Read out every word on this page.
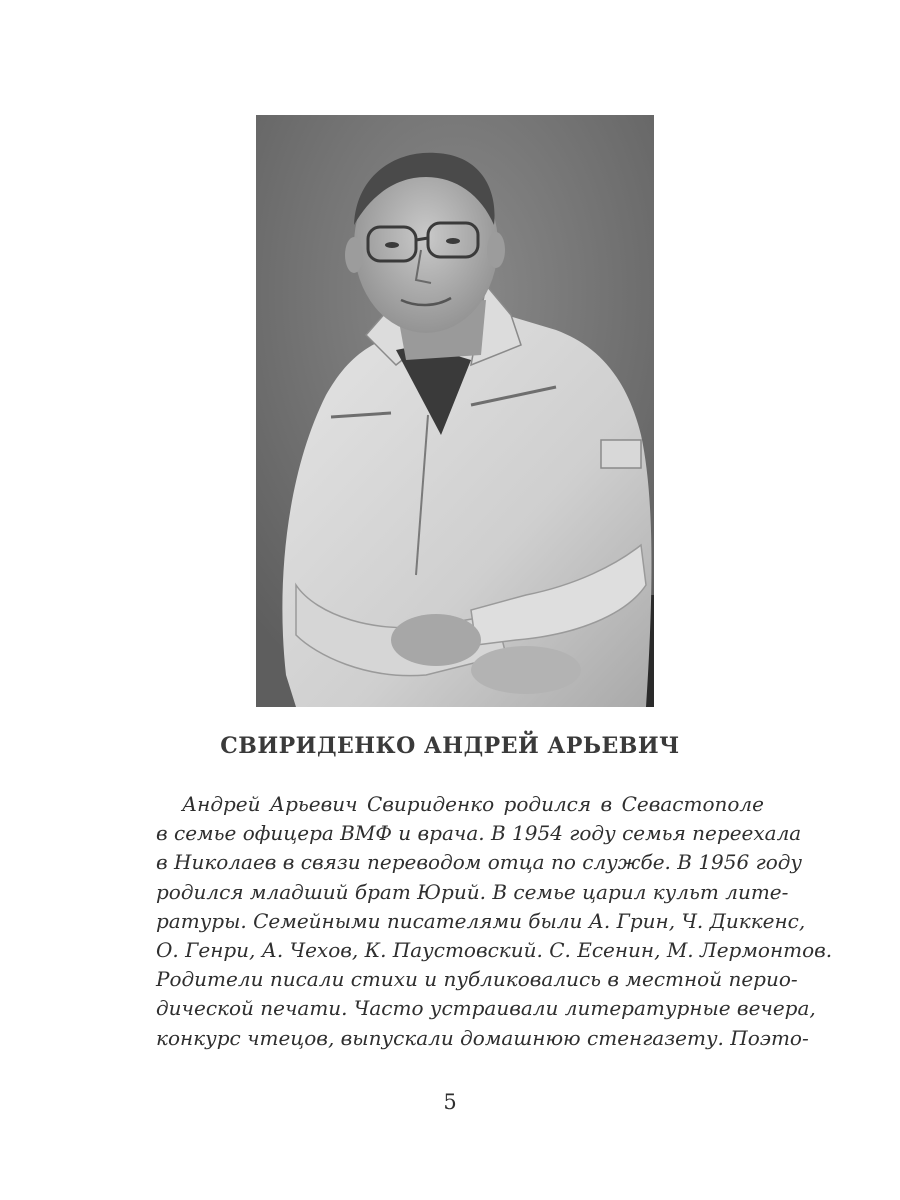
СВИРИДЕНКО АНДРЕЙ АРЬЕВИЧ
Андрей Арьевич Свириденко родился в Севастополе
в семье офицера ВМФ и врача. В 1954 году семья переехала
в Николаев в связи переводом отца по службе. В 1956 году
родился младший брат Юрий. В семье царил культ лите-
ратуры. Семейными писателями были А. Грин, Ч. Диккенс,
О. Генри, А. Чехов, К. Паустовский. С. Есенин, М. Лермонтов.
Родители писали стихи и публиковались в местной перио-
дической печати. Часто устраивали литературные вечера,
конкурс чтецов, выпускали домашнюю стенгазету. Поэто-
5
